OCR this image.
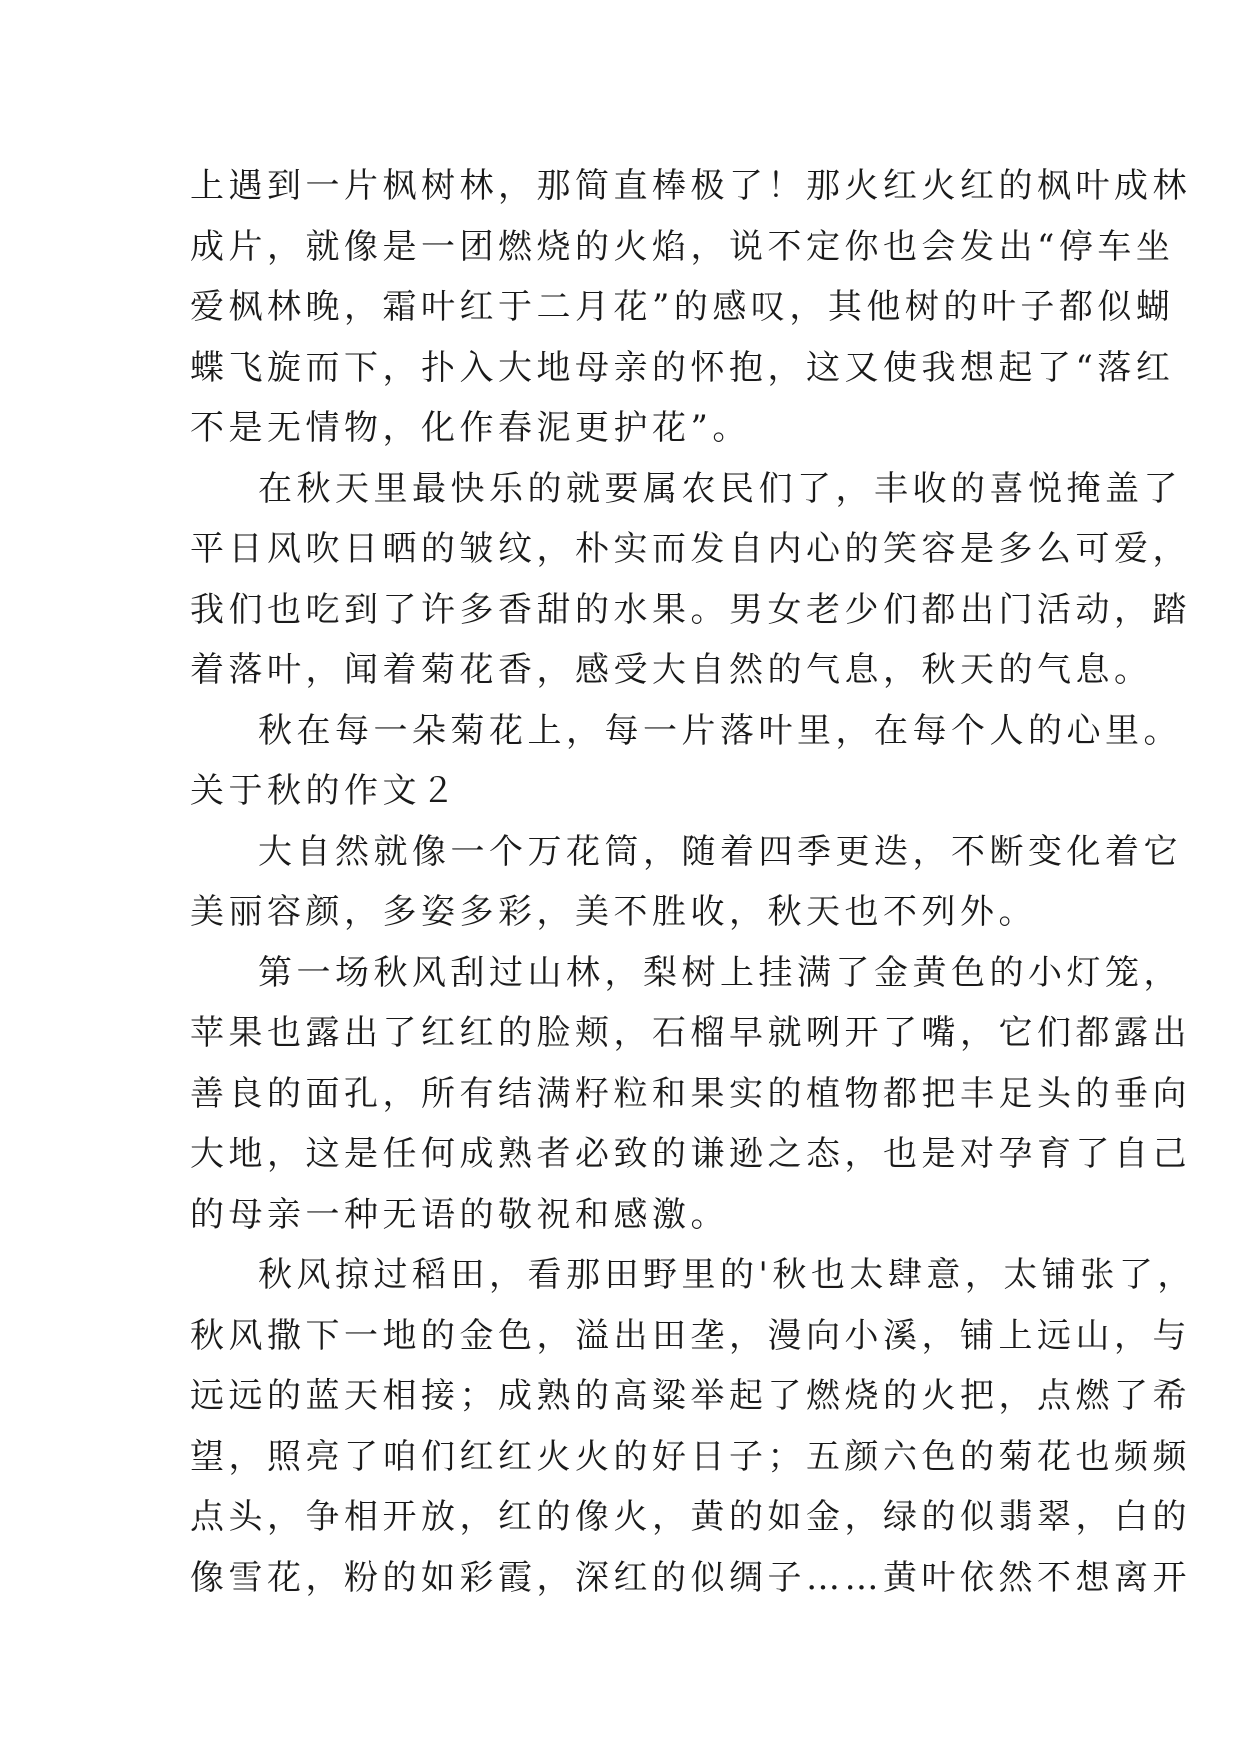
上遇到一片枫树林，那简直棒极了！那火红火红的枫叶成林
成片，就像是一团燃烧的火焰，说不定你也会发出“停车坐
爱枫林晚，霜叶红于二月花”的感叹，其他树的叶子都似蝴
蝶飞旋而下，扑入大地母亲的怀抱，这又使我想起了“落红
不是无情物，化作春泥更护花”。
在秋天里最快乐的就要属农民们了，丰收的喜悦掩盖了
平日风吹日晒的皱纹，朴实而发自内心的笑容是多么可爱，
我们也吃到了许多香甜的水果。男女老少们都出门活动，踏
着落叶，闻着菊花香，感受大自然的气息，秋天的气息。
秋在每一朵菊花上，每一片落叶里，在每个人的心里。
关于秋的作文２
大自然就像一个万花筒，随着四季更迭，不断变化着它
美丽容颜，多姿多彩，美不胜收，秋天也不列外。
第一场秋风刮过山林，梨树上挂满了金黄色的小灯笼，
苹果也露出了红红的脸颊，石榴早就咧开了嘴，它们都露出
善良的面孔，所有结满籽粒和果实的植物都把丰足头的垂向
大地，这是任何成熟者必致的谦逊之态，也是对孕育了自己
的母亲一种无语的敬祝和感激。
秋风掠过稻田，看那田野里的'秋也太肆意，太铺张了，
秋风撒下一地的金色，溢出田垄，漫向小溪，铺上远山，与
远远的蓝天相接；成熟的高粱举起了燃烧的火把，点燃了希
望，照亮了咱们红红火火的好日子；五颜六色的菊花也频频
点头，争相开放，红的像火，黄的如金，绿的似翡翠，白的
像雪花，粉的如彩霞，深红的似绸子……黄叶依然不想离开
